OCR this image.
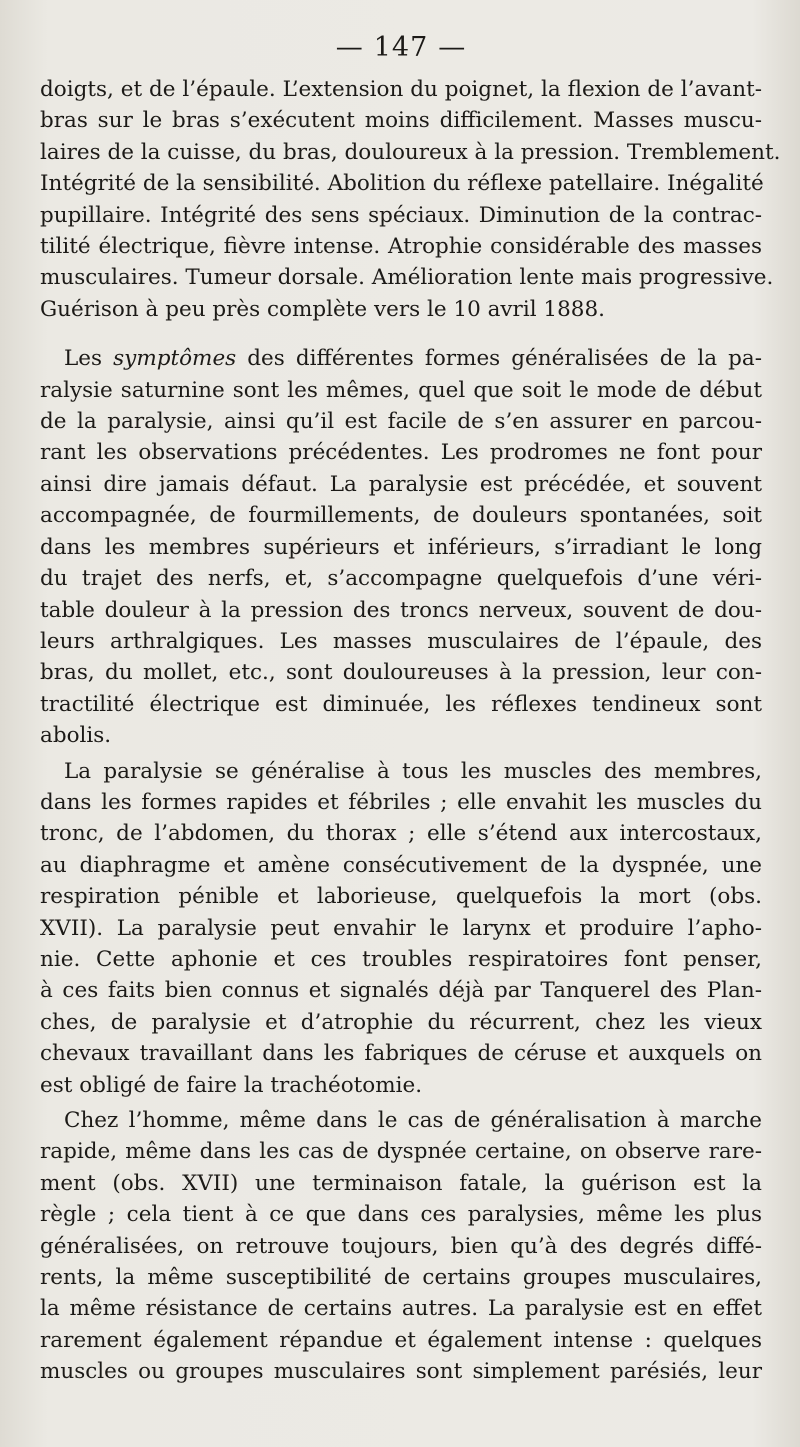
— 147 —

doigts, et de l’épaule. L’extension du poignet, la flexion de l’avant-
bras sur le bras s’exécutent moins difficilement. Masses muscu-
laires de la cuisse, du bras, douloureux à la pression. Tremblement.
Intégrité de la sensibilité. Abolition du réflexe patellaire. Inégalité
pupillaire. Intégrité des sens spéciaux. Diminution de la contrac-
tilité électrique, fièvre intense. Atrophie considérable des masses
musculaires. Tumeur dorsale. Amélioration lente mais progressive.
Guérison à peu près complète vers le 10 avril 1888.

Les symptômes des différentes formes généralisées de la pa-
ralysie saturnine sont les mêmes, quel que soit le mode de début
de la paralysie, ainsi qu’il est facile de s’en assurer en parcou-
rant les observations précédentes. Les prodromes ne font pour
ainsi dire jamais défaut. La paralysie est précédée, et souvent
accompagnée, de fourmillements, de douleurs spontanées, soit
dans les membres supérieurs et inférieurs, s’irradiant le long
du trajet des nerfs, et, s’accompagne quelquefois d’une véri-
table douleur à la pression des troncs nerveux, souvent de dou-
leurs arthralgiques. Les masses musculaires de l’épaule, des
bras, du mollet, etc., sont douloureuses à la pression, leur con-
tractilité électrique est diminuée, les réflexes tendineux sont
abolis.

La paralysie se généralise à tous les muscles des membres,
dans les formes rapides et fébriles ; elle envahit les muscles du
tronc, de l’abdomen, du thorax ; elle s’étend aux intercostaux,
au diaphragme et amène consécutivement de la dyspnée, une
respiration pénible et laborieuse, quelquefois la mort (obs.
XVII). La paralysie peut envahir le larynx et produire l’apho-
nie. Cette aphonie et ces troubles respiratoires font penser,
à ces faits bien connus et signalés déjà par Tanquerel des Plan-
ches, de paralysie et d’atrophie du récurrent, chez les vieux
chevaux travaillant dans les fabriques de céruse et auxquels on
est obligé de faire la trachéotomie.

Chez l’homme, même dans le cas de généralisation à marche
rapide, même dans les cas de dyspnée certaine, on observe rare-
ment (obs. XVII) une terminaison fatale, la guérison est la
règle ; cela tient à ce que dans ces paralysies, même les plus
généralisées, on retrouve toujours, bien qu’à des degrés diffé-
rents, la même susceptibilité de certains groupes musculaires,
la même résistance de certains autres. La paralysie est en effet
rarement également répandue et également intense : quelques
muscles ou groupes musculaires sont simplement parésiés, leur
